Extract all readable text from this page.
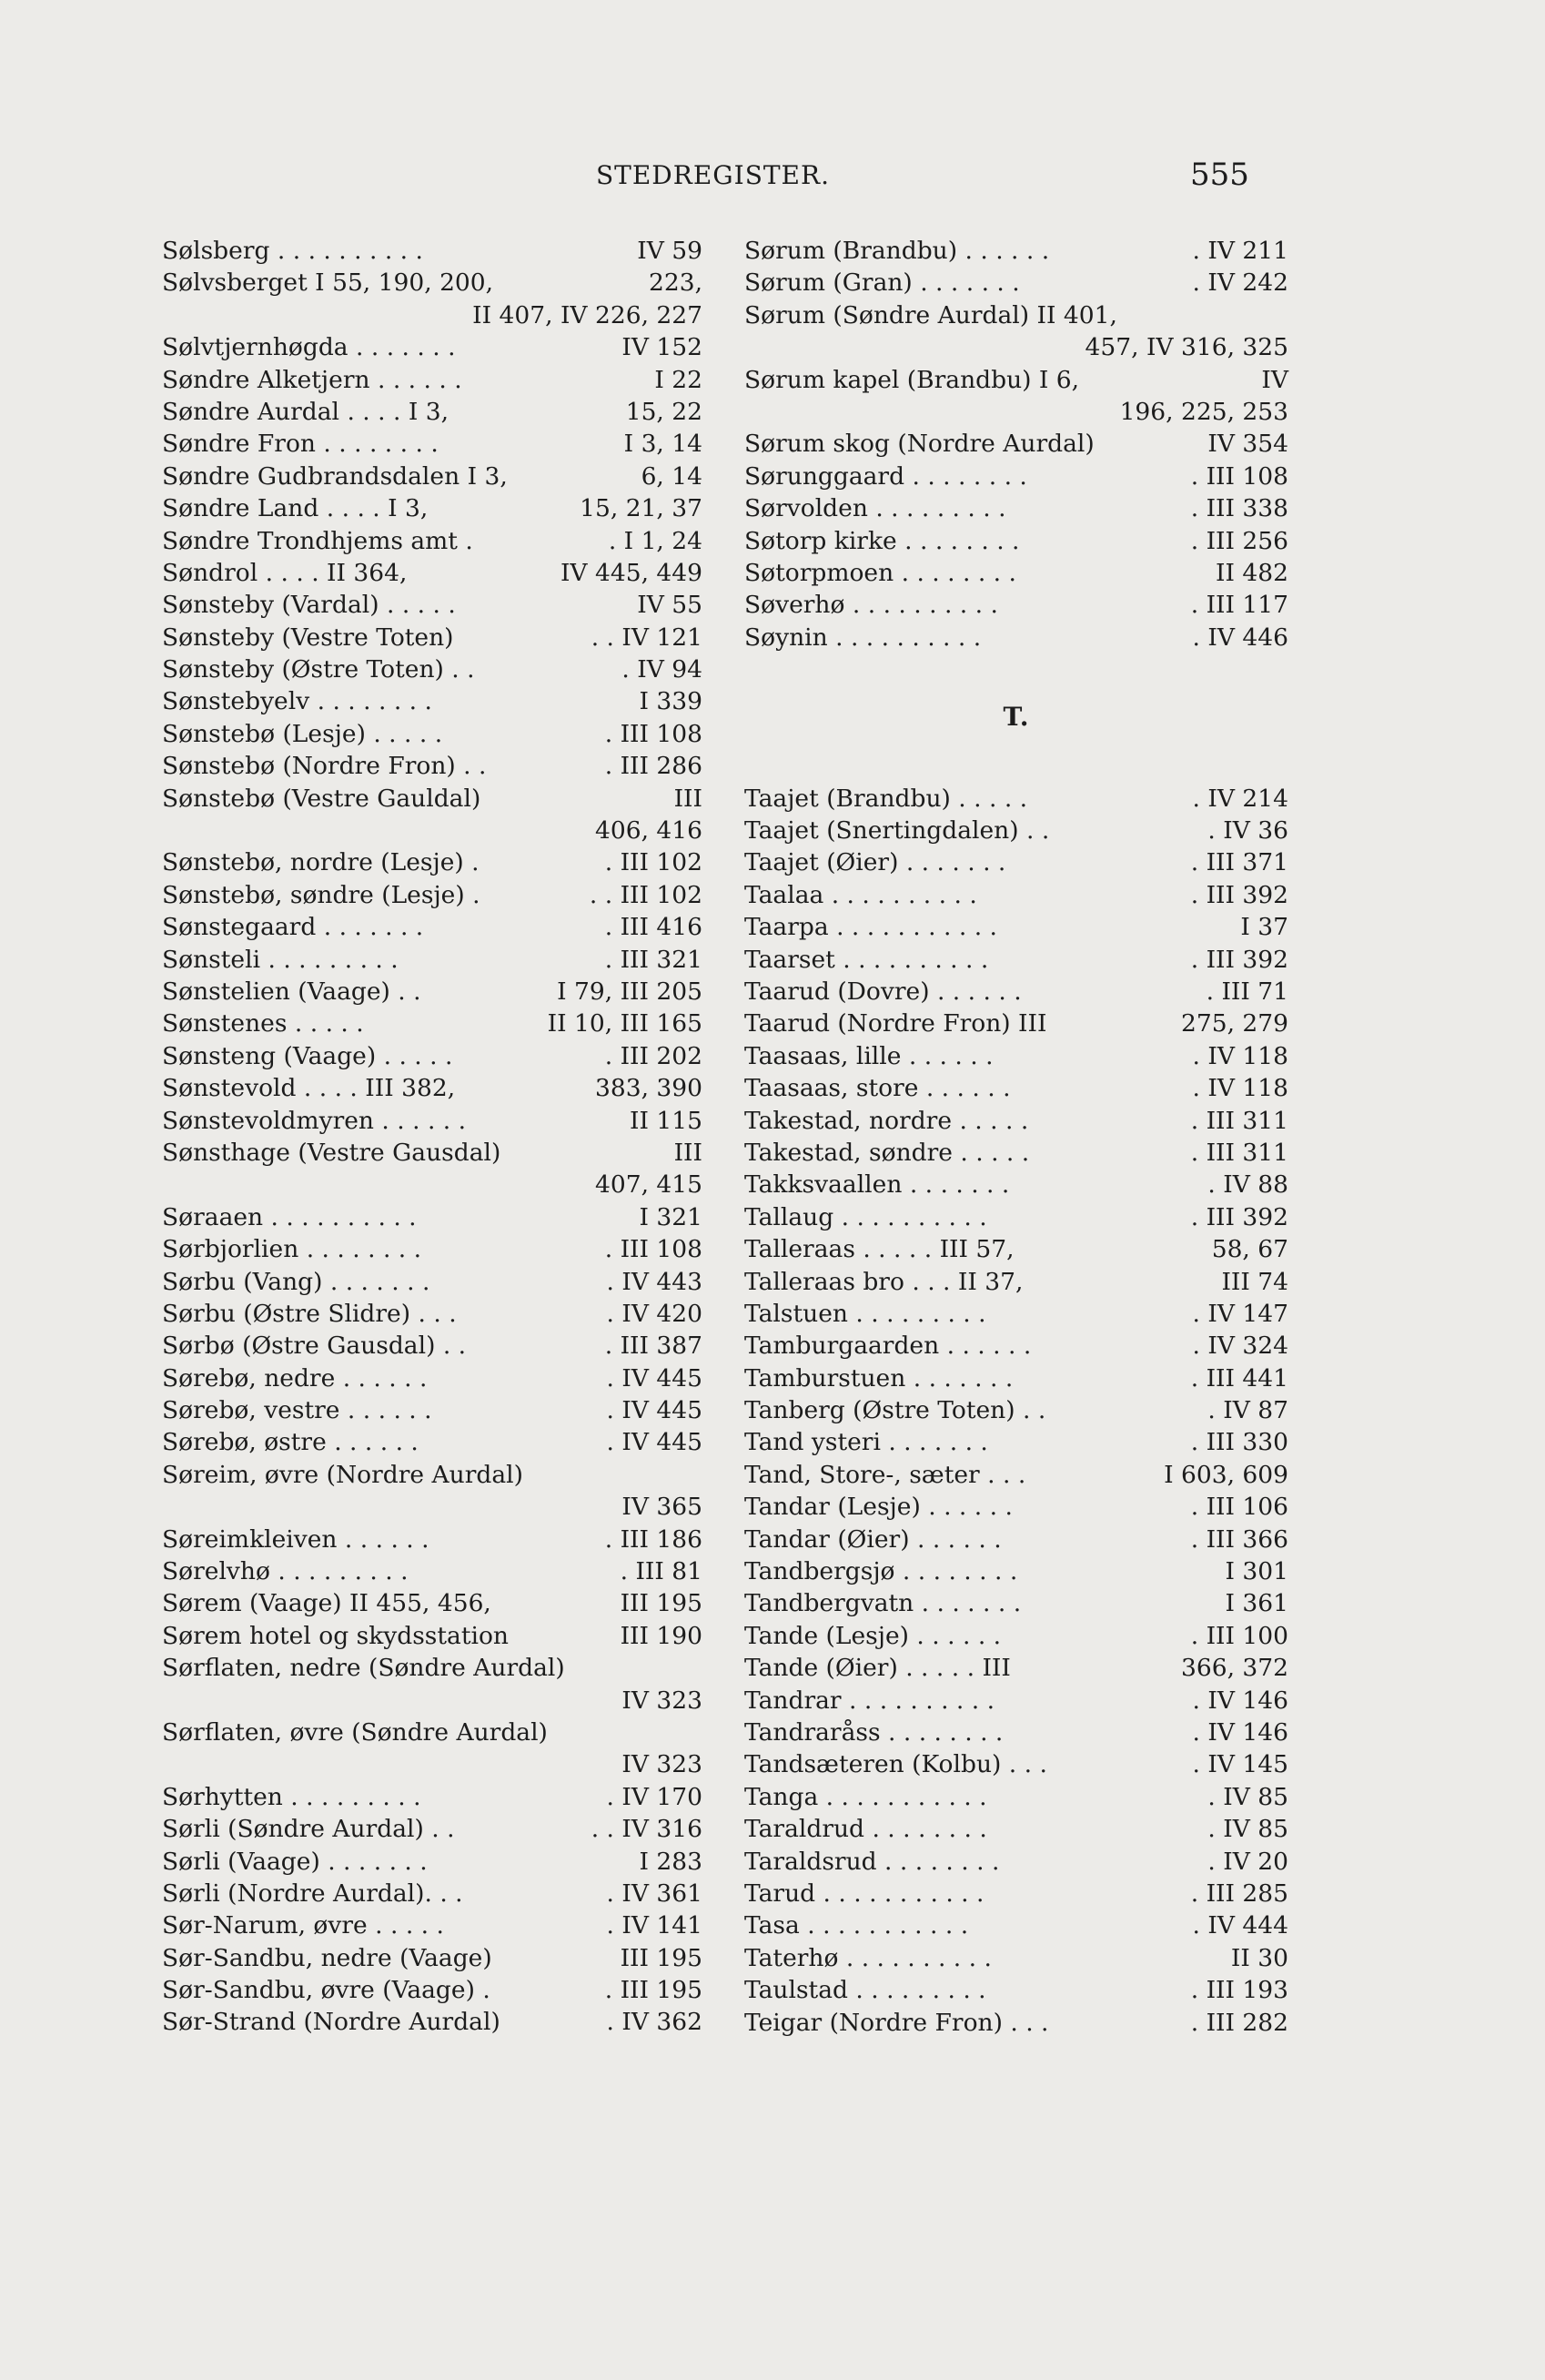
STEDREGISTER.	555
Sølsberg . . . . . . . . . .	IV 59
Sølvsberget I 55, 190, 200,	223,
II 407, IV 226, 227
Sølvtjernhøgda . . . . . . .	IV 152
Søndre Alketjern . . . . . .	I 22
Søndre Aurdal . . . . I 3,	15, 22
Søndre Fron . . . . . . . .	I 3, 14
Søndre Gudbrandsdalen I 3,	6, 14
Søndre Land . . . . I 3,	15, 21, 37
Søndre Trondhjems amt .	. I 1, 24
Søndrol . . . . II 364,	IV 445, 449
Sønsteby (Vardal) . . . . .	IV 55
Sønsteby (Vestre Toten)	. . IV 121
Sønsteby (Østre Toten) . .	. IV 94
Sønstebyelv . . . . . . . .	I 339
Sønstebø (Lesje) . . . . .	. III 108
Sønstebø (Nordre Fron) . .	. III 286
Sønstebø (Vestre Gauldal)	III
406, 416
Sønstebø, nordre (Lesje) .	. III 102
Sønstebø, søndre (Lesje) .	. . III 102
Sønstegaard . . . . . . .	. III 416
Sønsteli . . . . . . . . .	. III 321
Sønstelien (Vaage) . .	I 79, III 205
Sønstenes . . . . .	II 10, III 165
Sønsteng (Vaage) . . . . .	. III 202
Sønstevold . . . . III 382,	383, 390
Sønstevoldmyren . . . . . .	II 115
Sønsthage (Vestre Gausdal)	III
407, 415
Søraaen . . . . . . . . . .	I 321
Sørbjorlien . . . . . . . .	. III 108
Sørbu (Vang) . . . . . . .	. IV 443
Sørbu (Østre Slidre) . . .	. IV 420
Sørbø (Østre Gausdal) . .	. III 387
Sørebø, nedre . . . . . .	. IV 445
Sørebø, vestre . . . . . .	. IV 445
Sørebø, østre . . . . . .	. IV 445
Søreim, øvre (Nordre Aurdal)
IV 365
Søreimkleiven . . . . . .	. III 186
Sørelvhø . . . . . . . . .	. III 81
Sørem (Vaage) II 455, 456,	III 195
Sørem hotel og skydsstation	III 190
Sørflaten, nedre (Søndre Aurdal)
IV 323
Sørflaten, øvre (Søndre Aurdal)
IV 323
Sørhytten . . . . . . . . .	. IV 170
Sørli (Søndre Aurdal) . .	. . IV 316
Sørli (Vaage) . . . . . . .	I 283
Sørli (Nordre Aurdal). . .	. IV 361
Sør-Narum, øvre . . . . .	. IV 141
Sør-Sandbu, nedre (Vaage)	III 195
Sør-Sandbu, øvre (Vaage) .	. III 195
Sør-Strand (Nordre Aurdal)	. IV 362
Sørum (Brandbu) . . . . . .	. IV 211
Sørum (Gran) . . . . . . .	. IV 242
Sørum (Søndre Aurdal) II 401,
457, IV 316, 325
Sørum kapel (Brandbu) I 6,	IV
196, 225, 253
Sørum skog (Nordre Aurdal)	IV 354
Sørunggaard . . . . . . . .	. III 108
Sørvolden . . . . . . . . .	. III 338
Søtorp kirke . . . . . . . .	. III 256
Søtorpmoen . . . . . . . .	II 482
Søverhø . . . . . . . . . .	. III 117
Søynin . . . . . . . . . .	. IV 446
T.
Taajet (Brandbu) . . . . .	. IV 214
Taajet (Snertingdalen) . .	. IV 36
Taajet (Øier) . . . . . . .	. III 371
Taalaa . . . . . . . . . .	. III 392
Taarpa . . . . . . . . . . .	I 37
Taarset . . . . . . . . . .	. III 392
Taarud (Dovre) . . . . . .	. III 71
Taarud (Nordre Fron) III	275, 279
Taasaas, lille . . . . . .	. IV 118
Taasaas, store . . . . . .	. IV 118
Takestad, nordre . . . . .	. III 311
Takestad, søndre . . . . .	. III 311
Takksvaallen . . . . . . .	. IV 88
Tallaug . . . . . . . . . .	. III 392
Talleraas . . . . . III 57,	58, 67
Talleraas bro . . . II 37,	III 74
Talstuen . . . . . . . . .	. IV 147
Tamburgaarden . . . . . .	. IV 324
Tamburstuen . . . . . . .	. III 441
Tanberg (Østre Toten) . .	. IV 87
Tand ysteri . . . . . . .	. III 330
Tand, Store-, sæter . . .	I 603, 609
Tandar (Lesje) . . . . . .	. III 106
Tandar (Øier) . . . . . .	. III 366
Tandbergsjø . . . . . . . .	I 301
Tandbergvatn . . . . . . .	I 361
Tande (Lesje) . . . . . .	. III 100
Tande (Øier) . . . . . III	366, 372
Tandrar . . . . . . . . . .	. IV 146
Tandraråss . . . . . . . .	. IV 146
Tandsæteren (Kolbu) . . .	. IV 145
Tanga . . . . . . . . . . .	. IV 85
Taraldrud . . . . . . . .	. IV 85
Taraldsrud . . . . . . . .	. IV 20
Tarud . . . . . . . . . . .	. III 285
Tasa . . . . . . . . . . .	. IV 444
Taterhø . . . . . . . . . .	II 30
Taulstad . . . . . . . . .	. III 193
Teigar (Nordre Fron) . . .	. III 282
